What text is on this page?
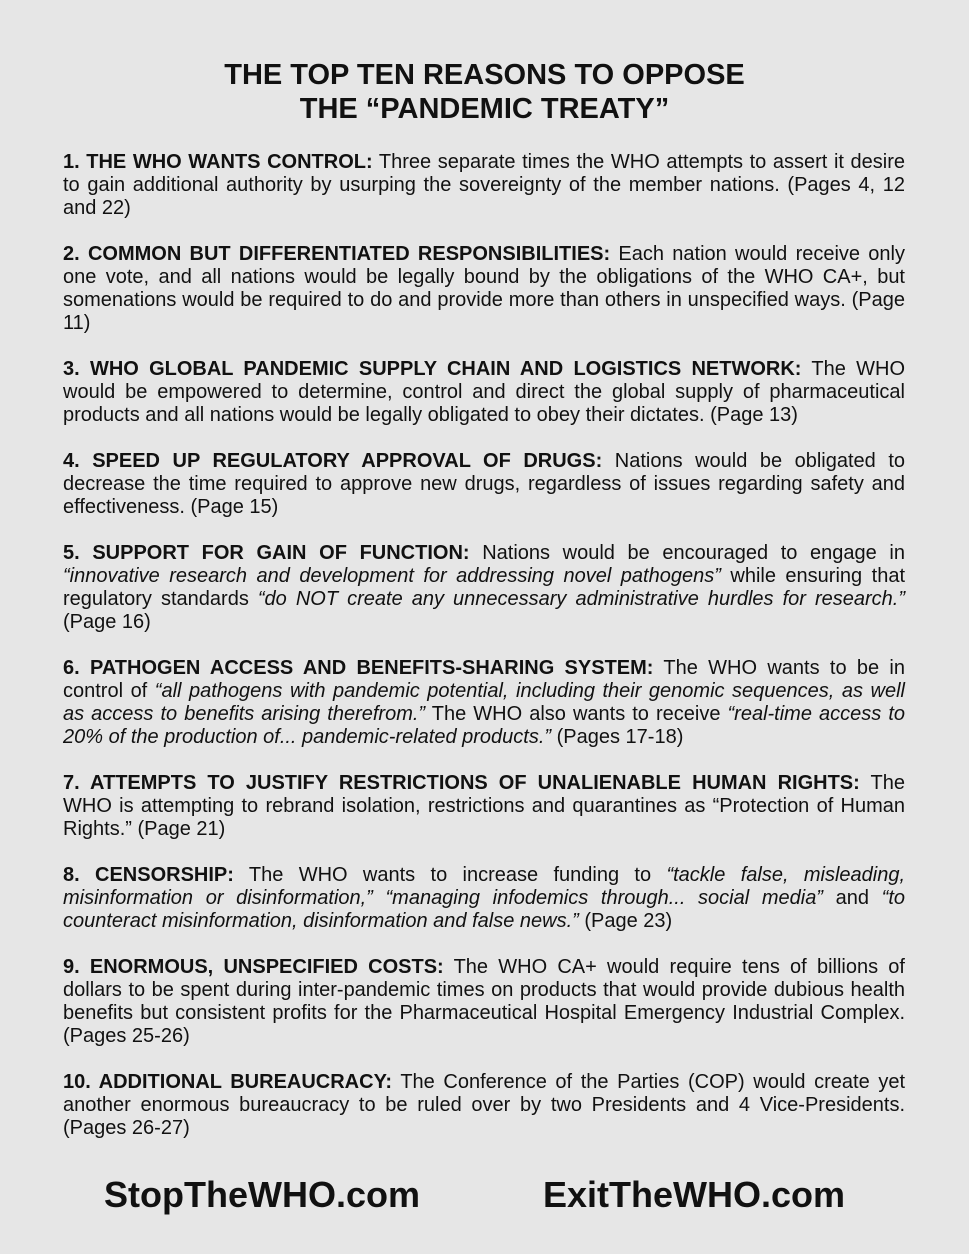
THE TOP TEN REASONS TO OPPOSE
THE “PANDEMIC TREATY”

1. THE WHO WANTS CONTROL: Three separate times the WHO attempts to assert it desire to gain additional authority by usurping the sovereignty of the member nations. (Pages 4, 12 and 22)

2. COMMON BUT DIFFERENTIATED RESPONSIBILITIES: Each nation would receive only one vote, and all nations would be legally bound by the obligations of the WHO CA+, but somenations would be required to do and provide more than others in unspecified ways. (Page 11)

3. WHO GLOBAL PANDEMIC SUPPLY CHAIN AND LOGISTICS NETWORK: The WHO would be empowered to determine, control and direct the global supply of pharmaceutical products and all nations would be legally obligated to obey their dictates. (Page 13)

4. SPEED UP REGULATORY APPROVAL OF DRUGS: Nations would be obligated to decrease the time required to approve new drugs, regardless of issues regarding safety and effectiveness. (Page 15)

5. SUPPORT FOR GAIN OF FUNCTION: Nations would be encouraged to engage in “innovative research and development for addressing novel pathogens” while ensuring that regulatory standards “do NOT create any unnecessary administrative hurdles for research.” (Page 16)

6. PATHOGEN ACCESS AND BENEFITS-SHARING SYSTEM: The WHO wants to be in control of “all pathogens with pandemic potential, including their genomic sequences, as well as access to benefits arising therefrom.” The WHO also wants to receive “real-time access to 20% of the production of... pandemic-related products.” (Pages 17-18)

7. ATTEMPTS TO JUSTIFY RESTRICTIONS OF UNALIENABLE HUMAN RIGHTS: The WHO is attempting to rebrand isolation, restrictions and quarantines as “Protection of Human Rights.” (Page 21)

8. CENSORSHIP: The WHO wants to increase funding to “tackle false, misleading, misinformation or disinformation,” “managing infodemics through... social media” and “to counteract misinformation, disinformation and false news.” (Page 23)

9. ENORMOUS, UNSPECIFIED COSTS: The WHO CA+ would require tens of billions of dollars to be spent during inter-pandemic times on products that would provide dubious health benefits but consistent profits for the Pharmaceutical Hospital Emergency Industrial Complex. (Pages 25-26)

10. ADDITIONAL BUREAUCRACY: The Conference of the Parties (COP) would create yet another enormous bureaucracy to be ruled over by two Presidents and 4 Vice-Presidents. (Pages 26-27)

StopTheWHO.com	ExitTheWHO.com
